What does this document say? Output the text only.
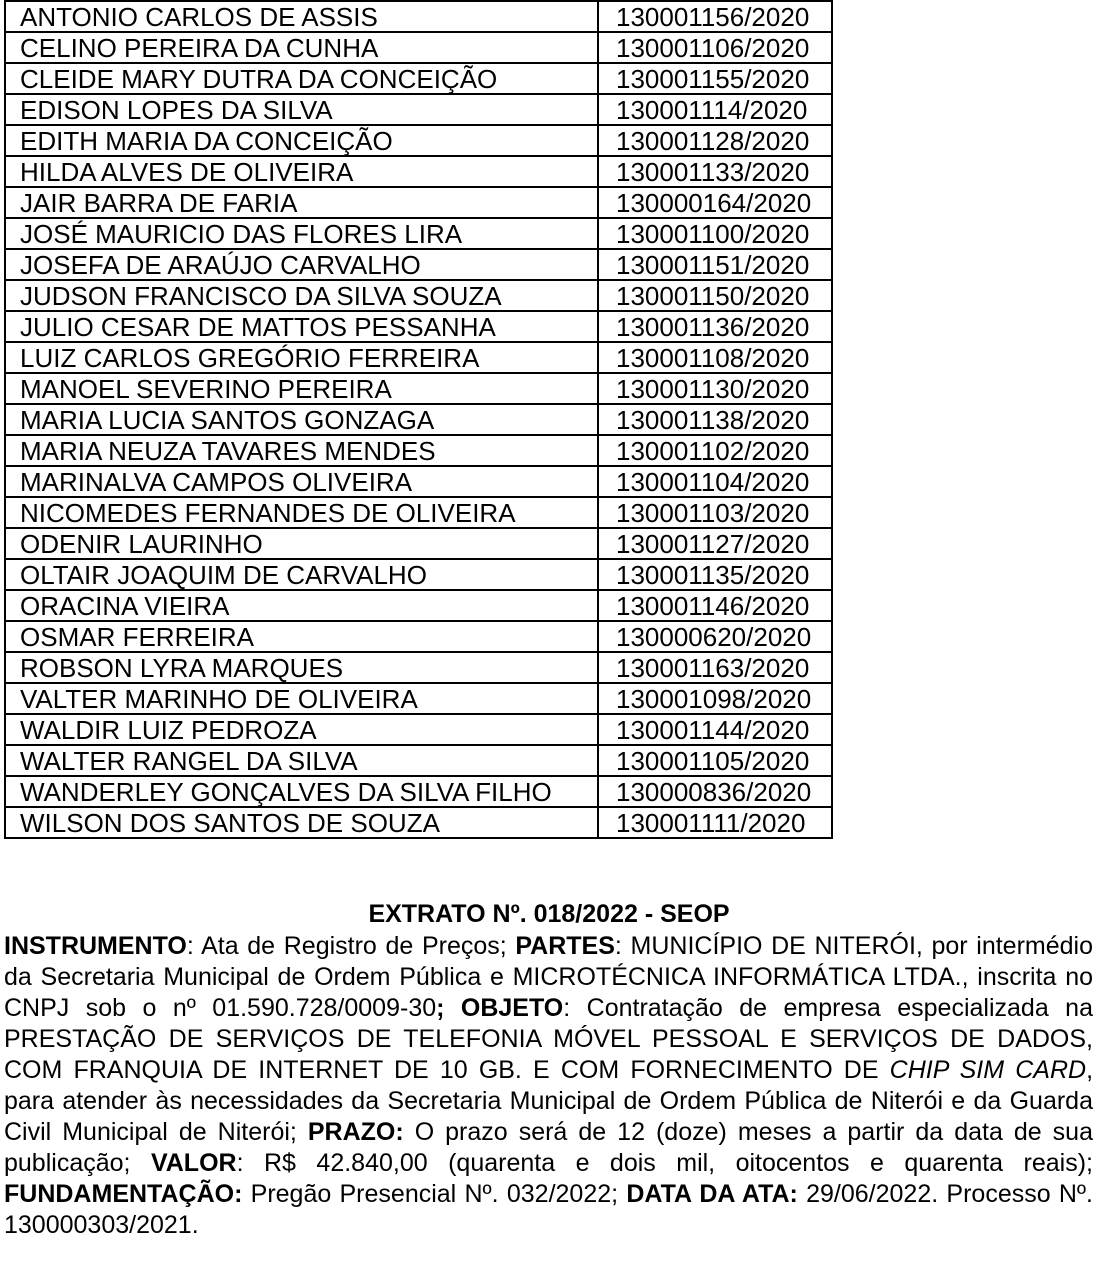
ANTONIO CARLOS DE ASSIS	130001156/2020
CELINO PEREIRA DA CUNHA	130001106/2020
CLEIDE MARY DUTRA DA CONCEIÇÃO	130001155/2020
EDISON LOPES DA SILVA	130001114/2020
EDITH MARIA DA CONCEIÇÃO	130001128/2020
HILDA ALVES DE OLIVEIRA	130001133/2020
JAIR BARRA DE FARIA	130000164/2020
JOSÉ MAURICIO DAS FLORES LIRA	130001100/2020
JOSEFA DE ARAÚJO CARVALHO	130001151/2020
JUDSON FRANCISCO DA SILVA SOUZA	130001150/2020
JULIO CESAR DE MATTOS PESSANHA	130001136/2020
LUIZ CARLOS GREGÓRIO FERREIRA	130001108/2020
MANOEL SEVERINO PEREIRA	130001130/2020
MARIA LUCIA SANTOS GONZAGA	130001138/2020
MARIA NEUZA TAVARES MENDES	130001102/2020
MARINALVA CAMPOS OLIVEIRA	130001104/2020
NICOMEDES FERNANDES DE OLIVEIRA	130001103/2020
ODENIR LAURINHO	130001127/2020
OLTAIR JOAQUIM DE CARVALHO	130001135/2020
ORACINA VIEIRA	130001146/2020
OSMAR FERREIRA	130000620/2020
ROBSON LYRA MARQUES	130001163/2020
VALTER MARINHO DE OLIVEIRA	130001098/2020
WALDIR LUIZ PEDROZA	130001144/2020
WALTER RANGEL DA SILVA	130001105/2020
WANDERLEY GONÇALVES DA SILVA FILHO	130000836/2020
WILSON DOS SANTOS DE SOUZA	130001111/2020
EXTRATO Nº. 018/2022 - SEOP
INSTRUMENTO: Ata de Registro de Preços; PARTES: MUNICÍPIO DE NITERÓI, por intermédio da Secretaria Municipal de Ordem Pública e MICROTÉCNICA INFORMÁTICA LTDA., inscrita no CNPJ sob o nº 01.590.728/0009-30; OBJETO: Contratação de empresa especializada na PRESTAÇÃO DE SERVIÇOS DE TELEFONIA MÓVEL PESSOAL E SERVIÇOS DE DADOS, COM FRANQUIA DE INTERNET DE 10 GB. E COM FORNECIMENTO DE CHIP SIM CARD, para atender às necessidades da Secretaria Municipal de Ordem Pública de Niterói e da Guarda Civil Municipal de Niterói; PRAZO: O prazo será de 12 (doze) meses a partir da data de sua publicação; VALOR: R$ 42.840,00 (quarenta e dois mil, oitocentos e quarenta reais); FUNDAMENTAÇÃO: Pregão Presencial Nº. 032/2022; DATA DA ATA: 29/06/2022. Processo Nº. 130000303/2021.
